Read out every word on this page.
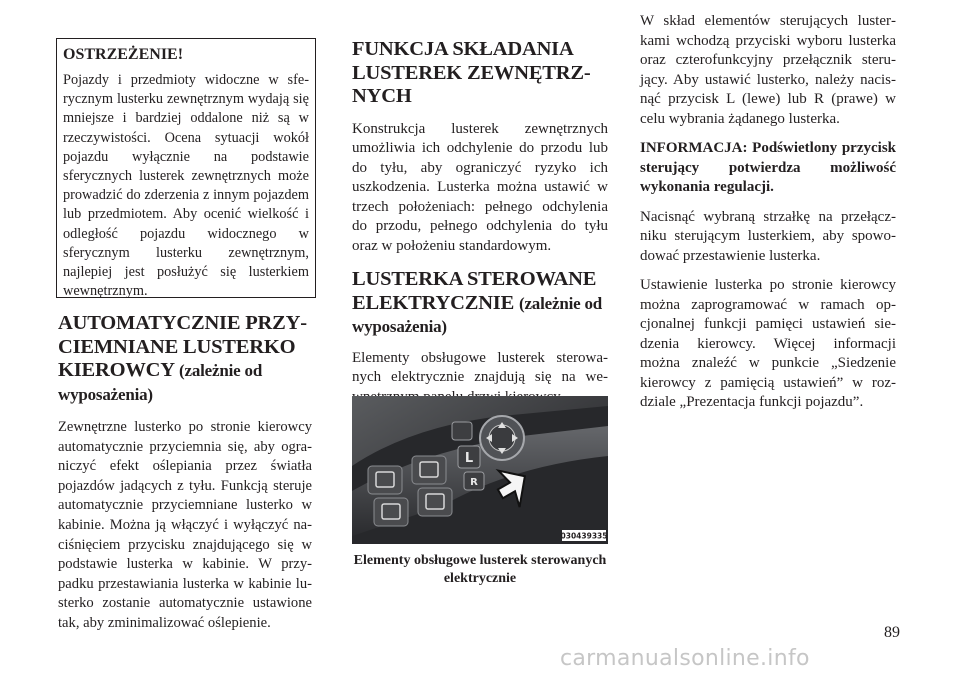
OSTRZEŻENIE!

Pojazdy i przedmioty widoczne w sferycznym lusterku zewnętrznym wydają się mniejsze i bardziej oddalone niż są w rzeczywistości. Ocena sytuacji wokół pojazdu wyłącznie na podstawie sferycznych lusterek zewnętrznych może prowadzić do zderzenia z innym pojazdem lub przedmiotem. Aby ocenić wielkość i odległość pojazdu widocznego w sferycznym lusterku zewnętrznym, najlepiej jest posłużyć się lusterkiem wewnętrznym.

AUTOMATYCZNIE PRZYCIEMNIANE LUSTERKO KIEROWCY (zależnie od wyposażenia)

Zewnętrzne lusterko po stronie kierowcy automatycznie przyciemnia się, aby ograniczyć efekt oślepiania przez światła pojazdów jadących z tyłu. Funkcją steruje automatycznie przyciemniane lusterko w kabinie. Można ją włączyć i wyłączyć naciśnięciem przycisku znajdującego się w podstawie lusterka w kabinie. W przypadku przestawiania lusterka w kabinie lusterko zostanie automatycznie ustawione tak, aby zminimalizować oślepienie.

FUNKCJA SKŁADANIA LUSTEREK ZEWNĘTRZNYCH

Konstrukcja lusterek zewnętrznych umożliwia ich odchylenie do przodu lub do tyłu, aby ograniczyć ryzyko ich uszkodzenia. Lusterka można ustawić w trzech położeniach: pełnego odchylenia do przodu, pełnego odchylenia do tyłu oraz w położeniu standardowym.

LUSTERKA STEROWANE ELEKTRYCZNIE (zależnie od wyposażenia)

Elementy obsługowe lusterek sterowanych elektrycznie znajdują się na we

L
R
030439335
Elementy obsługowe lusterek sterowanych elektrycznie

W skład elementów sterujących lusterkami wchodzą przyciski wyboru lusterka oraz czterofunkcyjny przełącznik sterujący. Aby ustawić lusterko, należy nacisnąć przycisk L (lewe) lub R (prawe) w celu wybrania żądanego lusterka.

INFORMACJA: Podświetlony przycisk sterujący potwierdza możliwość wykonania regulacji.

Nacisnąć wybraną strzałkę na przełączniku sterującym lusterkiem, aby spowodować przestawienie lusterka.

Ustawienie lusterka po stronie kierowcy można zaprogramować w ramach opcjonalnej funkcji pamięci ustawień siedzenia kierowcy. Więcej informacji można znaleźć w punkcie „Siedzenie kierowcy z pamięcią ustawień” w rozdziale „Prezentacja funkcji pojazdu”.

89
carmanualsonline.info
